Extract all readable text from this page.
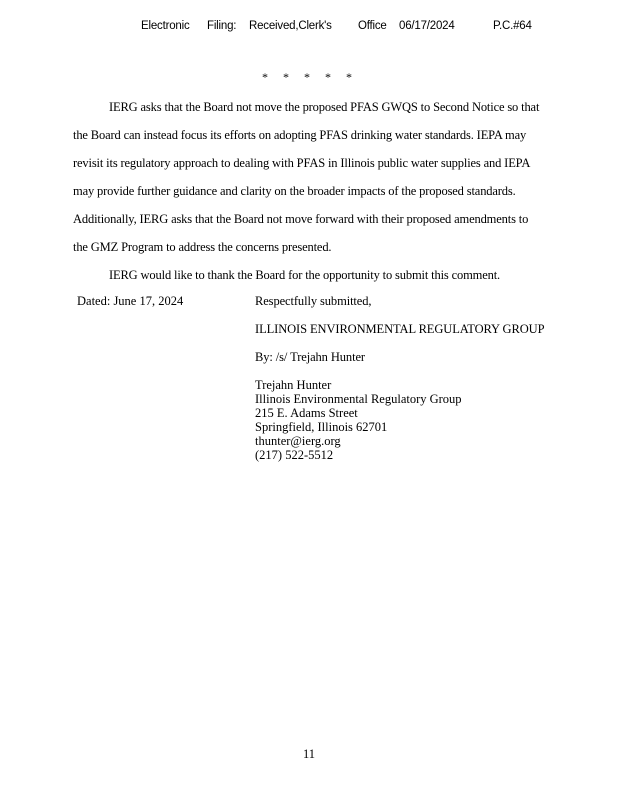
Electronic Filing: Received,Clerk's Office 06/17/2024	P.C.#64
*     *     *     *     *
IERG asks that the Board not move the proposed PFAS GWQS to Second Notice so that
the Board can instead focus its efforts on adopting PFAS drinking water standards. IEPA may
revisit its regulatory approach to dealing with PFAS in Illinois public water supplies and IEPA
may provide further guidance and clarity on the broader impacts of the proposed standards.
Additionally, IERG asks that the Board not move forward with their proposed amendments to
the GMZ Program to address the concerns presented.
IERG would like to thank the Board for the opportunity to submit this comment.
Dated: June 17, 2024	Respectfully submitted,
ILLINOIS ENVIRONMENTAL REGULATORY GROUP
By: /s/ Trejahn Hunter
Trejahn Hunter
Illinois Environmental Regulatory Group
215 E. Adams Street
Springfield, Illinois 62701
thunter@ierg.org
(217) 522-5512
11
